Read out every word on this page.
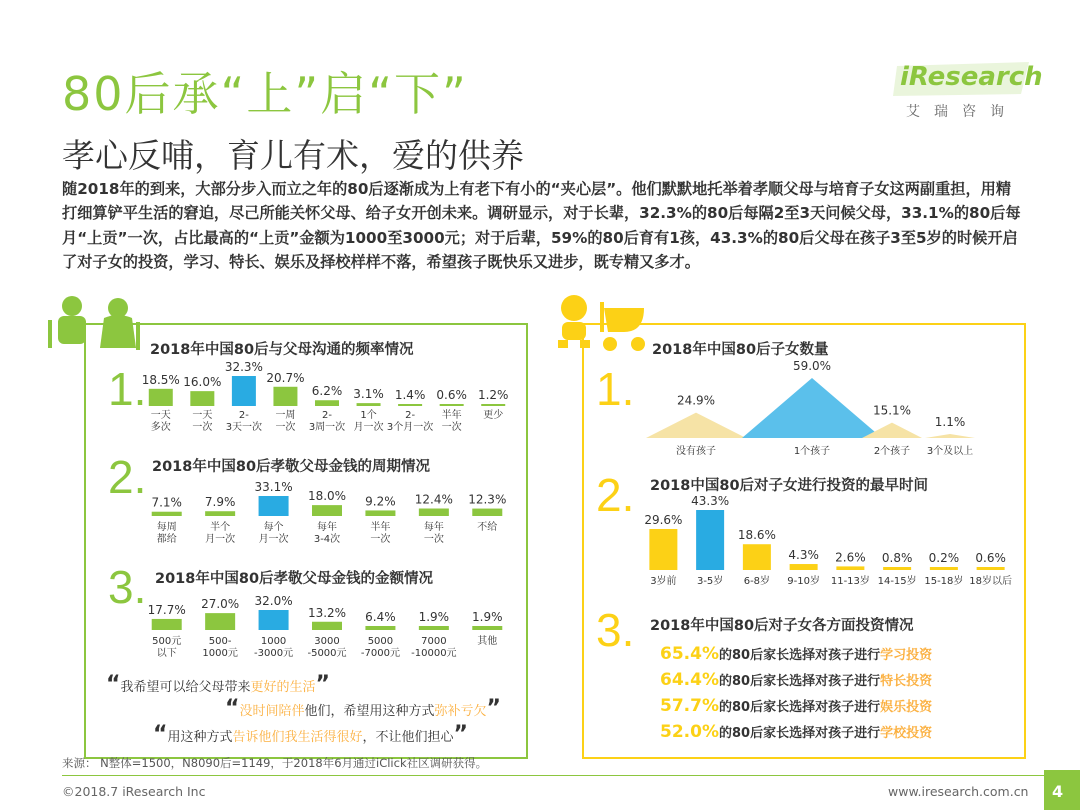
80后承“上”启“下”	iResearch
艾瑞咨询
孝心反哺，育儿有术，爱的供养
随2018年的到来，大部分步入而立之年的80后逐渐成为上有老下有小的“夹心层”。他们默默地托举着孝顺父母与培育子女这两副重担，用精打细算铲平生活的窘迫，尽己所能关怀父母、给子女开创未来。调研显示，对于长辈，32.3%的80后每隔2至3天问候父母，33.1%的80后每月“上贡”一次，占比最高的“上贡”金额为1000至3000元；对于后辈，59%的80后育有1孩，43.3%的80后父母在孩子3至5岁的时候开启了对子女的投资，学习、特长、娱乐及择校样样不落，希望孩子既快乐又进步，既专精又多才。
1.
2.
3.
1.
2.
3.
2018年中国80后与父母沟通的频率情况
2018年中国80后孝敬父母金钱的周期情况
2018年中国80后孝敬父母金钱的金额情况
2018年中国80后子女数量
2018中国80后对子女进行投资的最早时间
2018年中国80后对子女各方面投资情况
18.5%
一天
多次
16.0%
一天
一次
32.3%
2-
3天一次
20.7%
一周
一次
6.2%
2-
3周一次
3.1%
1个
月一次
1.4%
2-
3个月一次
0.6%
半年
一次
1.2%
更少
7.1%
每周
都给
7.9%
半个
月一次
33.1%
每个
月一次
18.0%
每年
3-4次
9.2%
半年
一次
12.4%
每年
一次
12.3%
不给
17.7%
500元
以下
27.0%
500-
1000元
32.0%
1000
-3000元
13.2%
3000
-5000元
6.4%
5000
-7000元
1.9%
7000
-10000元
1.9%
其他
24.9%
没有孩子
59.0%
1个孩子
15.1%
2个孩子
1.1%
3个及以上
29.6%
3岁前
43.3%
3-5岁
18.6%
6-8岁
4.3%
9-10岁
2.6%
11-13岁
0.8%
14-15岁
0.2%
15-18岁
0.6%
18岁以后
“我希望可以给父母带来更好的生活”
“没时间陪伴他们，希望用这种方式弥补亏欠”
“用这种方式告诉他们我生活得很好，不让他们担心”
65.4%的80后家长选择对孩子进行学习投资
64.4%的80后家长选择对孩子进行特长投资
57.7%的80后家长选择对孩子进行娱乐投资
52.0%的80后家长选择对孩子进行学校投资
来源： N整体=1500，N8090后=1149，于2018年6月通过iClick社区调研获得。
©2018.7 iResearch Inc	www.iresearch.com.cn 4
